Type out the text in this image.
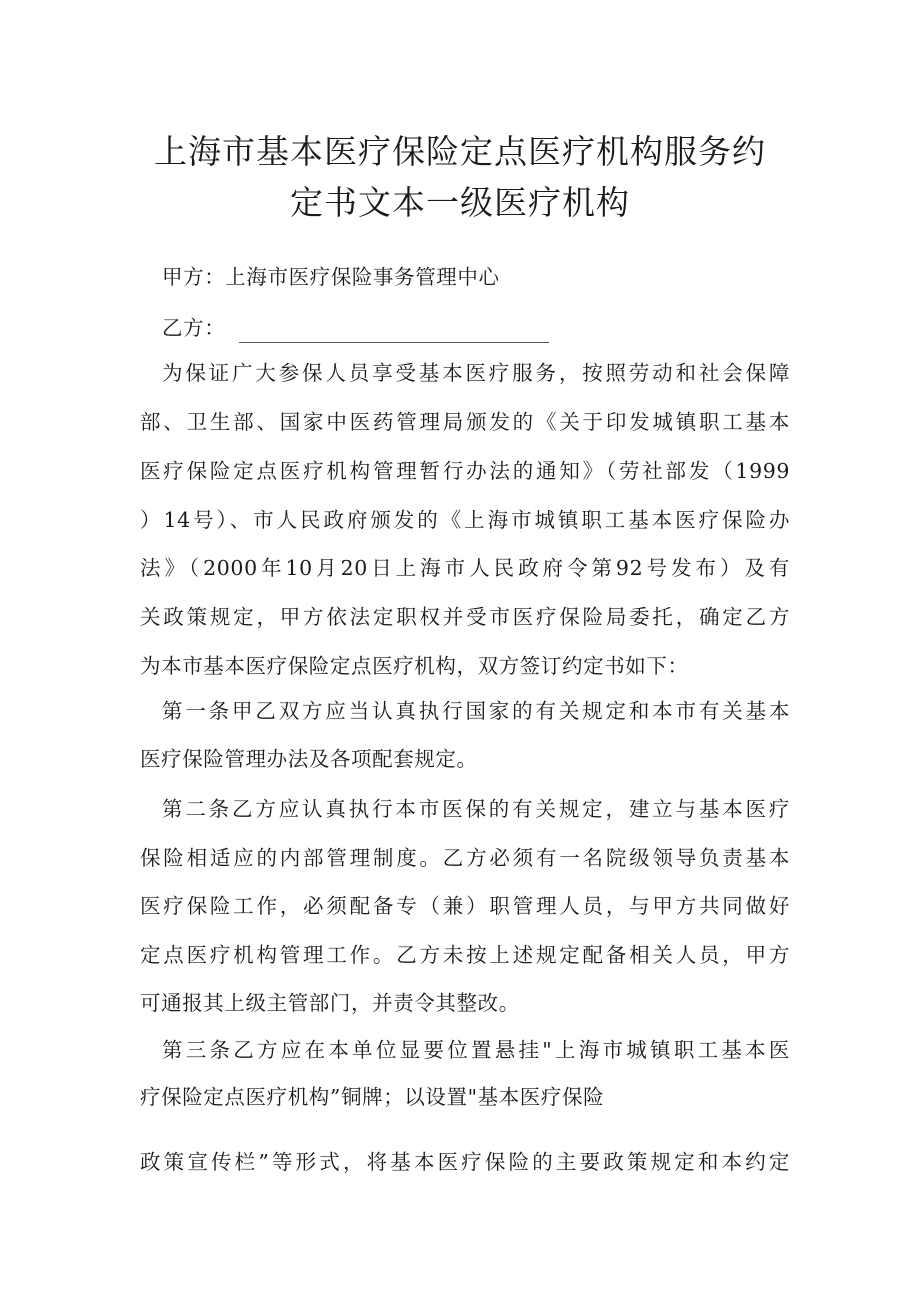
上海市基本医疗保险定点医疗机构服务约
定书文本一级医疗机构
甲方：上海市医疗保险事务管理中心
乙方：
为保证广大参保人员享受基本医疗服务，按照劳动和社会保障
部、卫生部、国家中医药管理局颁发的《关于印发城镇职工基本
医疗保险定点医疗机构管理暂行办法的通知》（劳社部发（1999
）14号）、市人民政府颁发的《上海市城镇职工基本医疗保险办
法》（2000年10月20日上海市人民政府令第92号发布）及有
关政策规定，甲方依法定职权并受市医疗保险局委托，确定乙方
为本市基本医疗保险定点医疗机构，双方签订约定书如下：
第一条甲乙双方应当认真执行国家的有关规定和本市有关基本
医疗保险管理办法及各项配套规定。
第二条乙方应认真执行本市医保的有关规定，建立与基本医疗
保险相适应的内部管理制度。乙方必须有一名院级领导负责基本
医疗保险工作，必须配备专（兼）职管理人员，与甲方共同做好
定点医疗机构管理工作。乙方未按上述规定配备相关人员，甲方
可通报其上级主管部门，并责令其整改。
第三条乙方应在本单位显要位置悬挂"上海市城镇职工基本医
疗保险定点医疗机构”铜牌；以设置"基本医疗保险
政策宣传栏”等形式，将基本医疗保险的主要政策规定和本约定
